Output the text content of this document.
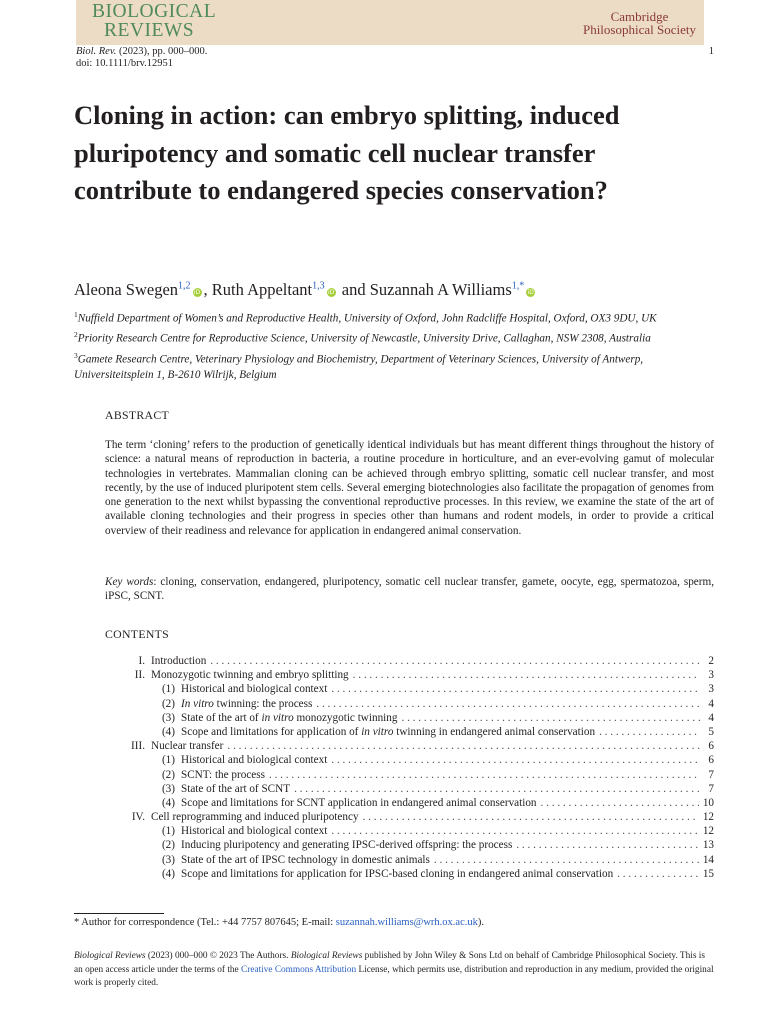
BIOLOGICAL
REVIEWS
Cambridge
Philosophical Society
Biol. Rev. (2023), pp. 000–000.
doi: 10.1111/brv.12951
1
Cloning in action: can embryo splitting, induced pluripotency and somatic cell nuclear transfer contribute to endangered species conservation?
Aleona Swegen$^{1,2}$iD , Ruth Appeltant$^{1,3}$iD and Suzannah A Williams$^{1,*}$iD
$^1$Nuffield Department of Women’s and Reproductive Health, University of Oxford, John Radcliffe Hospital, Oxford, OX3 9DU, UK
$^2$Priority Research Centre for Reproductive Science, University of Newcastle, University Drive, Callaghan, NSW 2308, Australia
$^3$Gamete Research Centre, Veterinary Physiology and Biochemistry, Department of Veterinary Sciences, University of Antwerp, Universiteitsplein 1, B-2610 Wilrijk, Belgium
ABSTRACT

The term ‘cloning’ refers to the production of genetically identical individuals but has meant different things throughout the history of science: a natural means of reproduction in bacteria, a routine procedure in horticulture, and an ever-evolving gamut of molecular technologies in vertebrates. Mammalian cloning can be achieved through embryo splitting, somatic cell nuclear transfer, and most recently, by the use of induced pluripotent stem cells. Several emerging biotechnologies also facilitate the propagation of genomes from one generation to the next whilst bypassing the conventional reproductive processes. In this review, we examine the state of the art of available cloning technologies and their progress in species other than humans and rodent models, in order to provide a critical overview of their readiness and relevance for application in endangered animal conservation.

Key words: cloning, conservation, endangered, pluripotency, somatic cell nuclear transfer, gamete, oocyte, egg, spermatozoa, sperm, iPSC, SCNT.

CONTENTS
I. Introduction . . .	2
II. Monozygotic twinning and embryo splitting . . .	3
(1) Historical and biological context . . .	3
(2) In vitro twinning: the process . . .	4
(3) State of the art of in vitro monozygotic twinning . . .	4
(4) Scope and limitations for application of in vitro twinning in endangered animal conservation . . .	5
III. Nuclear transfer . . .	6
(1) Historical and biological context . . .	6
(2) SCNT: the process . . .	7
(3) State of the art of SCNT . . .	7
(4) Scope and limitations for SCNT application in endangered animal conservation . . .	10
IV. Cell reprogramming and induced pluripotency . . .	12
(1) Historical and biological context . . .	12
(2) Inducing pluripotency and generating IPSC-derived offspring: the process . . .	13
(3) State of the art of IPSC technology in domestic animals . . .	14
(4) Scope and limitations for application for IPSC-based cloning in endangered animal conservation . . .	15
* Author for correspondence (Tel.: +44 7757 807645; E-mail: suzannah.williams@wrh.ox.ac.uk).

Biological Reviews (2023) 000–000 © 2023 The Authors. Biological Reviews published by John Wiley & Sons Ltd on behalf of Cambridge Philosophical Society. This is an open access article under the terms of the Creative Commons Attribution License, which permits use, distribution and reproduction in any medium, provided the original work is properly cited.
